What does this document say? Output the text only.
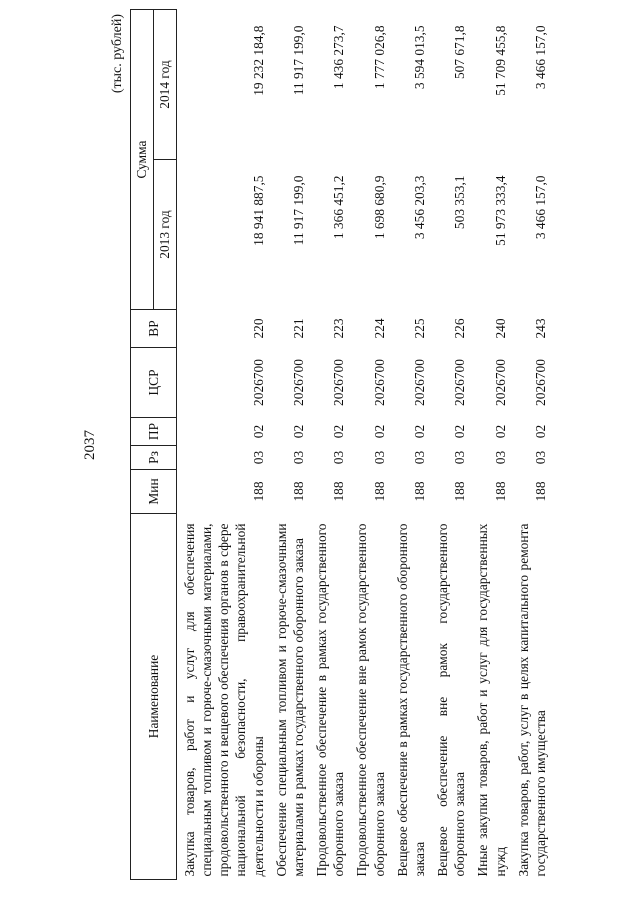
2037
(тыс. рублей)
Наименование	Мин	Рз	ПР	ЦСР	ВР	Сумма	
						2013 год	2014 год
Закупка товаров, работ и услуг для обеспечения специальным топливом и горюче-смазочными материалами, продовольственного и вещевого обеспечения органов в сфере национальной безопасности, правоохранительной деятельности и обороны	188	03	02	2026700	220	18 941 887,5	19 232 184,8
Обеспечение специальным топливом и горюче-смазочными материалами в рамках государственного оборонного заказа	188	03	02	2026700	221	11 917 199,0	11 917 199,0
Продовольственное обеспечение в рамках государственного оборонного заказа	188	03	02	2026700	223	1 366 451,2	1 436 273,7
Продовольственное обеспечение вне рамок государственного оборонного заказа	188	03	02	2026700	224	1 698 680,9	1 777 026,8
Вещевое обеспечение в рамках государственного оборонного заказа	188	03	02	2026700	225	3 456 203,3	3 594 013,5
Вещевое обеспечение вне рамок государственного оборонного заказа	188	03	02	2026700	226	503 353,1	507 671,8
Иные закупки товаров, работ и услуг для государственных нужд	188	03	02	2026700	240	51 973 333,4	51 709 455,8
Закупка товаров, работ, услуг в целях капитального ремонта государственного имущества	188	03	02	2026700	243	3 466 157,0	3 466 157,0
